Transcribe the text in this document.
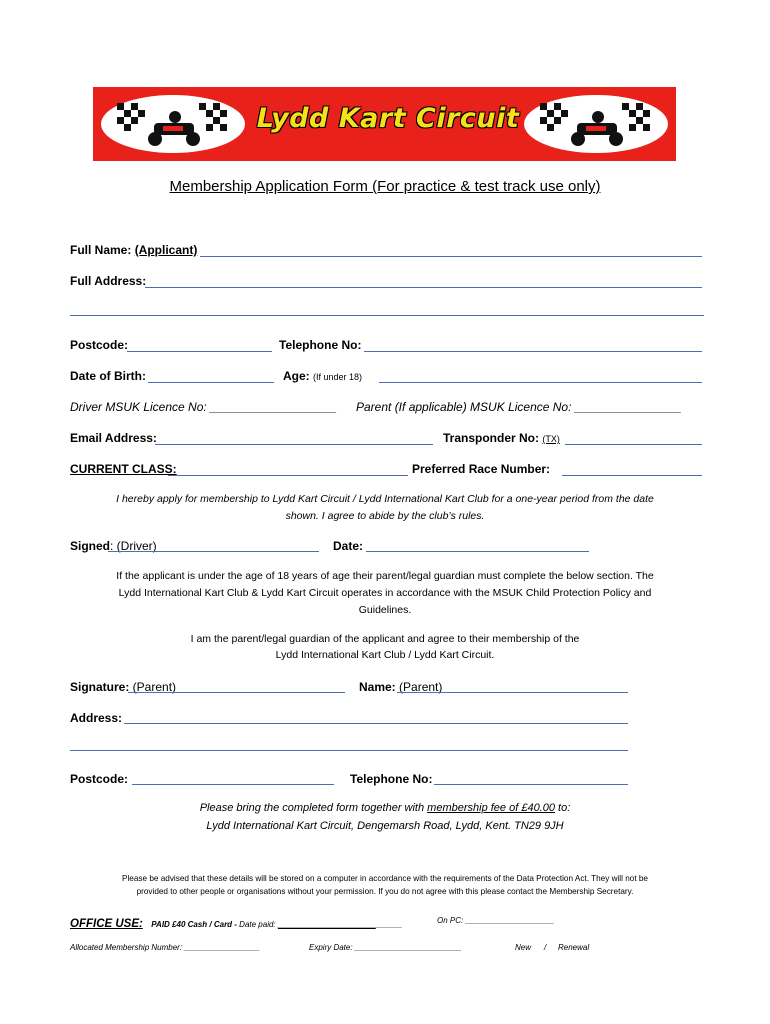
Lydd Kart Circuit
Membership Application Form (For practice & test track use only)
Full Name: (Applicant)
Full Address:
Postcode:	Telephone No:
Date of Birth:	Age: (If under 18)
Driver MSUK Licence No: ___________________ Parent (If applicable) MSUK Licence No: ________________
Email Address:	Transponder No: (TX)
CURRENT CLASS:	Preferred Race Number:
I hereby apply for membership to Lydd Kart Circuit / Lydd International Kart Club for a one-year period from the date
shown. I agree to abide by the club’s rules.
Signed: (Driver)	Date:
If the applicant is under the age of 18 years of age their parent/legal guardian must complete the below section. The
Lydd International Kart Club & Lydd Kart Circuit operates in accordance with the MSUK Child Protection Policy and
Guidelines.
I am the parent/legal guardian of the applicant and agree to their membership of the
Lydd International Kart Club / Lydd Kart Circuit.
Signature: (Parent)	Name: (Parent)
Address:
Postcode:	Telephone No:
Please bring the completed form together with membership fee of £40.00 to:
Lydd International Kart Circuit, Dengemarsh Road, Lydd, Kent. TN29 9JH
Please be advised that these details will be stored on a computer in accordance with the requirements of the Data Protection Act. They will not be
provided to other people or organisations without your permission. If you do not agree with this please contact the Membership Secretary.
OFFICE USE: PAID £40 Cash / Card - Date paid: ____________________________	On PC: ____________________
Allocated Membership Number: _________________	Expiry Date: ________________________	New / Renewal
